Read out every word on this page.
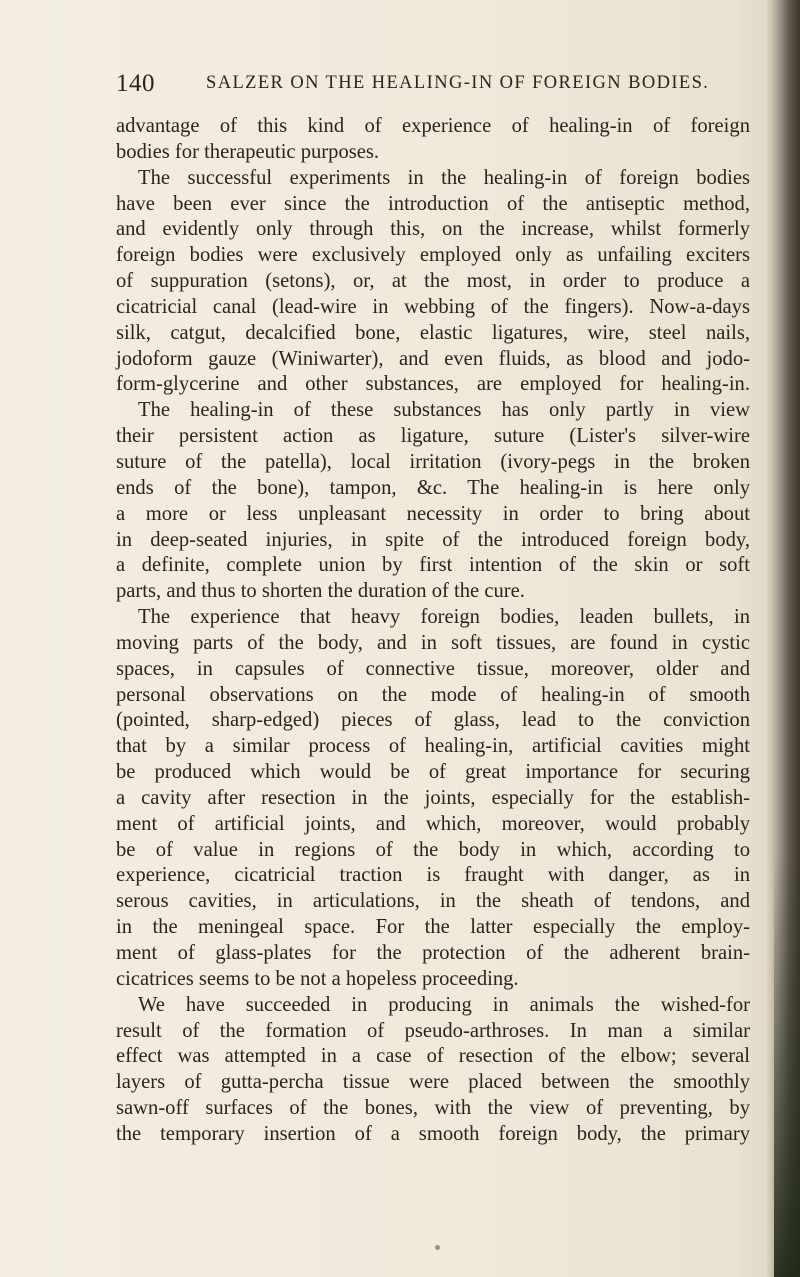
140	SALZER ON THE HEALING-IN OF FOREIGN BODIES.
advantage of this kind of experience of healing-in of foreign
bodies for therapeutic purposes.
The successful experiments in the healing-in of foreign bodies
have been ever since the introduction of the antiseptic method,
and evidently only through this, on the increase, whilst formerly
foreign bodies were exclusively employed only as unfailing exciters
of suppuration (setons), or, at the most, in order to produce a
cicatricial canal (lead-wire in webbing of the fingers). Now-a-days
silk, catgut, decalcified bone, elastic ligatures, wire, steel nails,
jodoform gauze (Winiwarter), and even fluids, as blood and jodo-
form-glycerine and other substances, are employed for healing-in.
The healing-in of these substances has only partly in view
their persistent action as ligature, suture (Lister's silver-wire
suture of the patella), local irritation (ivory-pegs in the broken
ends of the bone), tampon, &c. The healing-in is here only
a more or less unpleasant necessity in order to bring about
in deep-seated injuries, in spite of the introduced foreign body,
a definite, complete union by first intention of the skin or soft
parts, and thus to shorten the duration of the cure.
The experience that heavy foreign bodies, leaden bullets, in
moving parts of the body, and in soft tissues, are found in cystic
spaces, in capsules of connective tissue, moreover, older and
personal observations on the mode of healing-in of smooth
(pointed, sharp-edged) pieces of glass, lead to the conviction
that by a similar process of healing-in, artificial cavities might
be produced which would be of great importance for securing
a cavity after resection in the joints, especially for the establish-
ment of artificial joints, and which, moreover, would probably
be of value in regions of the body in which, according to
experience, cicatricial traction is fraught with danger, as in
serous cavities, in articulations, in the sheath of tendons, and
in the meningeal space. For the latter especially the employ-
ment of glass-plates for the protection of the adherent brain-
cicatrices seems to be not a hopeless proceeding.
We have succeeded in producing in animals the wished-for
result of the formation of pseudo-arthroses. In man a similar
effect was attempted in a case of resection of the elbow; several
layers of gutta-percha tissue were placed between the smoothly
sawn-off surfaces of the bones, with the view of preventing, by
the temporary insertion of a smooth foreign body, the primary
